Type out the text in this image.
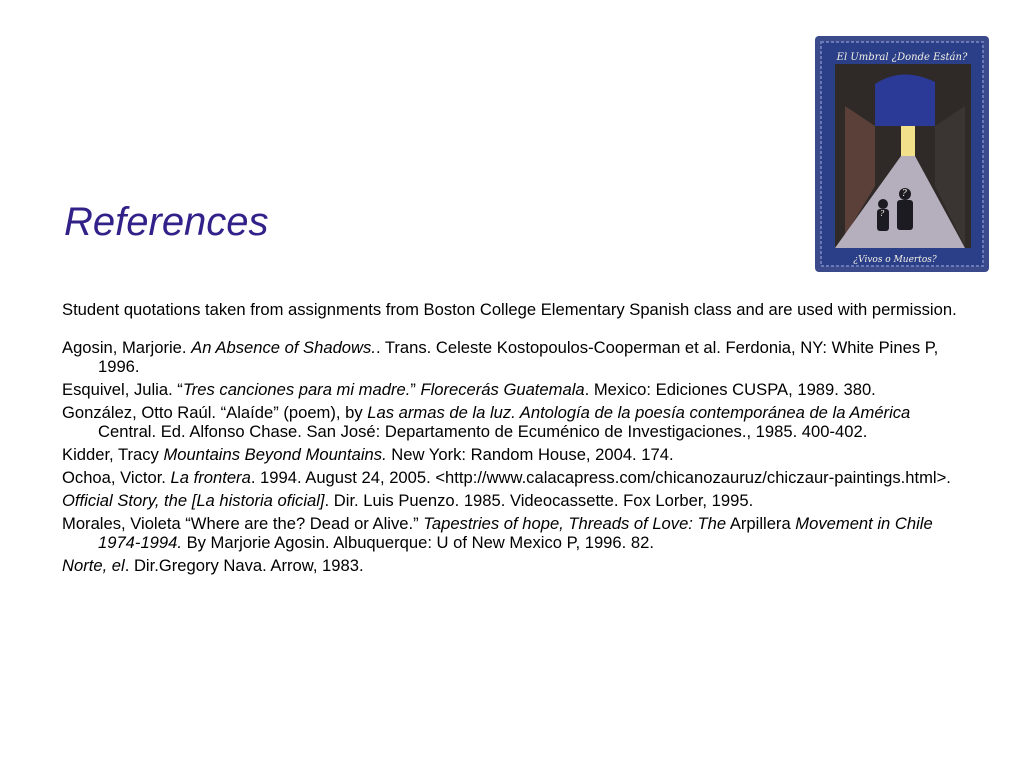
References
?
?
El Umbral ¿Donde Están?
¿Vivos o Muertos?

Student quotations taken from assignments from Boston College Elementary Spanish class and are used with permission.

Agosin, Marjorie. An Absence of Shadows.. Trans. Celeste Kostopoulos-Cooperman et al. Ferdonia, NY: White Pines P, 1996.

Esquivel, Julia. “Tres canciones para mi madre.” Florecerás Guatemala. Mexico: Ediciones CUSPA, 1989. 380.

González, Otto Raúl. “Alaíde” (poem), by Las armas de la luz. Antología de la poesía contemporánea de la América Central. Ed. Alfonso Chase. San José: Departamento de Ecuménico de Investigaciones., 1985. 400-402.

Kidder, Tracy Mountains Beyond Mountains. New York: Random House, 2004. 174.

Ochoa, Victor. La frontera. 1994. August 24, 2005. <http://www.calacapress.com/chicanozauruz/chiczaur-paintings.html>.

Official Story, the [La historia oficial]. Dir. Luis Puenzo. 1985. Videocassette. Fox Lorber, 1995.

Morales, Violeta “Where are the? Dead or Alive.” Tapestries of hope, Threads of Love: The Arpillera Movement in Chile 1974-1994. By Marjorie Agosin. Albuquerque: U of New Mexico P, 1996. 82.

Norte, el. Dir.Gregory Nava. Arrow, 1983.
